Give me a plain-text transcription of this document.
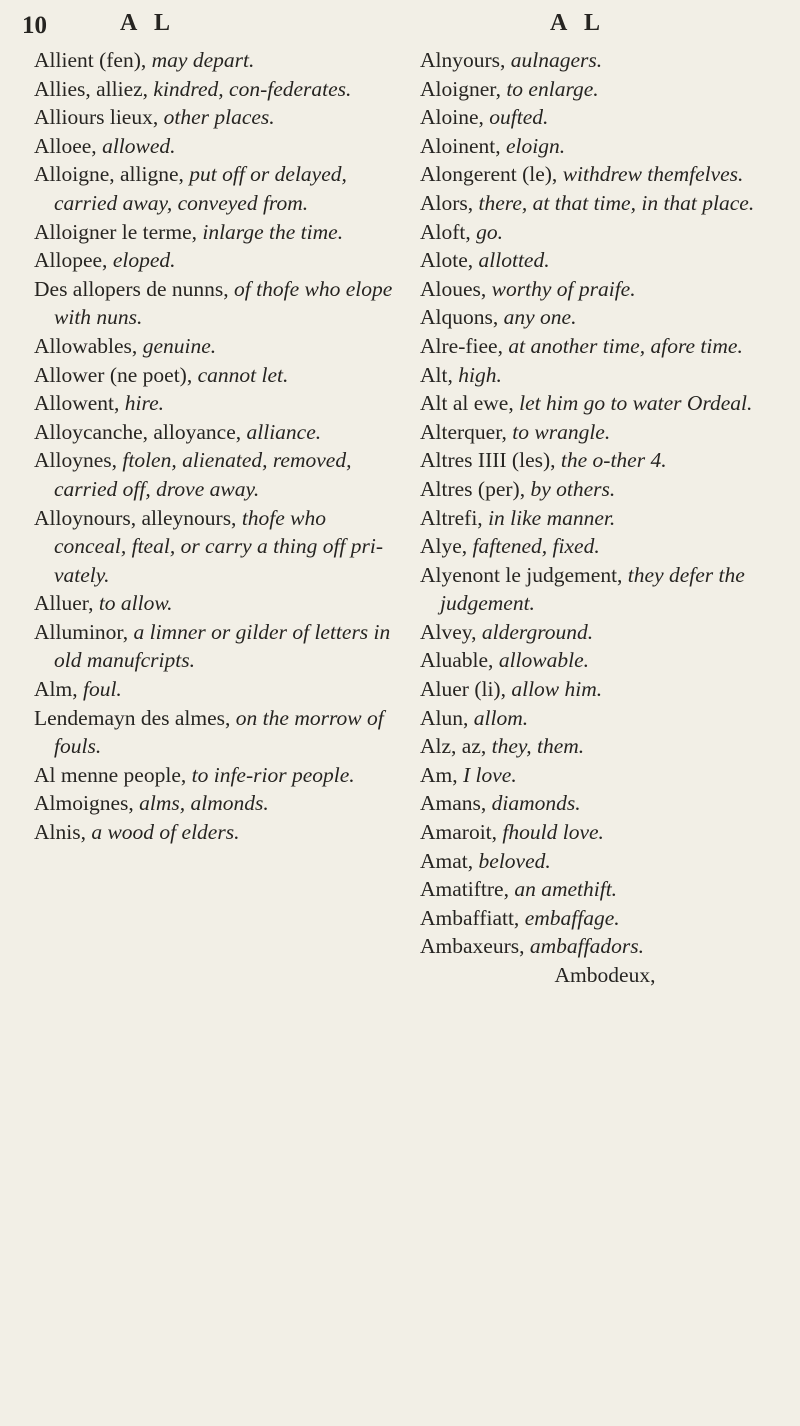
10	A L	A L

Allient (fen), may depart.

Allies, alliez, kindred, con-federates.

Alliours lieux, other places.

Alloee, allowed.

Alloigne, alligne, put off or delayed, carried away, conveyed from.

Alloigner le terme, inlarge the time.

Allopee, eloped.

Des allopers de nunns, of thofe who elope with nuns.

Allowables, genuine.

Allower (ne poet), cannot let.

Allowent, hire.

Alloycanche, alloyance, alliance.

Alloynes, ftolen, alienated, removed, carried off, drove away.

Alloynours, alleynours, thofe who conceal, fteal, or carry a thing off pri-vately.

Alluer, to allow.

Alluminor, a limner or gilder of letters in old manufcripts.

Alm, foul.

Lendemayn des almes, on the morrow of fouls.

Al menne people, to infe-rior people.

Almoignes, alms, almonds.

Alnis, a wood of elders.

Alnyours, aulnagers.

Aloigner, to enlarge.

Aloine, oufted.

Aloinent, eloign.

Alongerent (le), withdrew themfelves.

Alors, there, at that time, in that place.

Aloft, go.

Alote, allotted.

Aloues, worthy of praife.

Alquons, any one.

Alre-fiee, at another time, afore time.

Alt, high.

Alt al ewe, let him go to water Ordeal.

Alterquer, to wrangle.

Altres IIII (les), the o-ther 4.

Altres (per), by others.

Altrefi, in like manner.

Alye, faftened, fixed.

Alyenont le judgement, they defer the judgement.

Alvey, alderground.

Aluable, allowable.

Aluer (li), allow him.

Alun, allom.

Alz, az, they, them.

Am, I love.

Amans, diamonds.

Amaroit, fhould love.

Amat, beloved.

Amatiftre, an amethift.

Ambaffiatt, embaffage.

Ambaxeurs, ambaffadors.

Ambodeux,
